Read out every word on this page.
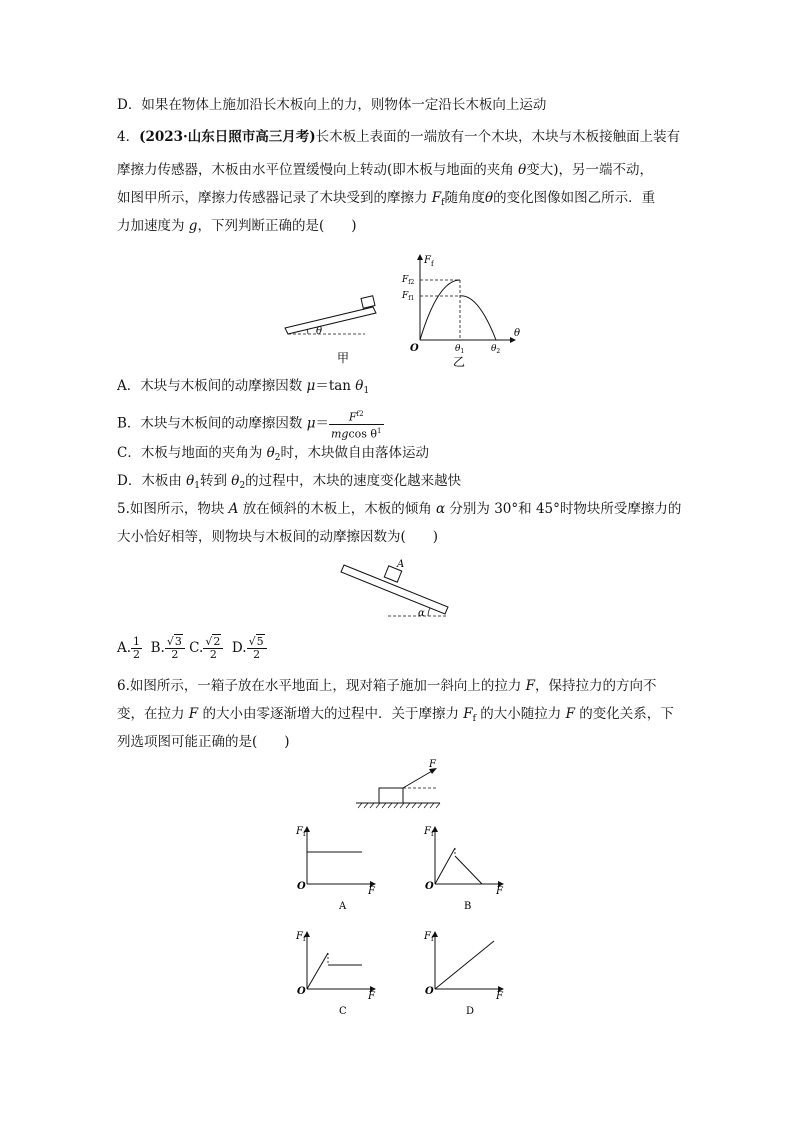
D．如果在物体上施加沿长木板向上的力，则物体一定沿长木板向上运动
4．(2023·山东日照市高三月考)长木板上表面的一端放有一个木块，木块与木板接触面上装有
摩擦力传感器，木板由水平位置缓慢向上转动(即木板与地面的夹角 θ变大)，另一端不动，
如图甲所示，摩擦力传感器记录了木块受到的摩擦力 $F_f$随角度θ的变化图像如图乙所示．重
力加速度为 g，下列判断正确的是(　　)
θ
甲
$F_f$
θ
O
$F_{f2}$
$F_{f1}$
$\theta_1$	$\theta_2$
乙
A．木块与木板间的动摩擦因数 μ＝tan $\theta_1$
B．木块与木板间的动摩擦因数 $\mu= \frac{F^{f2}}{mgcos \theta^1}$
C．木板与地面的夹角为 $\theta_2$时，木块做自由落体运动
D．木板由 $\theta_1$转到 $\theta_2$的过程中，木块的速度变化越来越快
5.如图所示，物块 A 放在倾斜的木板上，木板的倾角 α 分别为 30°和 45°时物块所受摩擦力的
大小恰好相等，则物块与木板间的动摩擦因数为(　　)
A
α
A. $\frac{1}{2} B$. $\frac{√3}{2} C$. $\frac{√2}{2} D$. $\frac{√5}{2}$
6.如图所示，一箱子放在水平地面上，现对箱子施加一斜向上的拉力 F，保持拉力的方向不
变，在拉力 F 的大小由零逐渐增大的过程中．关于摩擦力 $F_f$ 的大小随拉力 F 的变化关系，下
列选项图可能正确的是(　　)
F
$F_f$
F
O
A
$F_f$
F
O
B
$F_f$
F
O
C
$F_f$
F
O
D
